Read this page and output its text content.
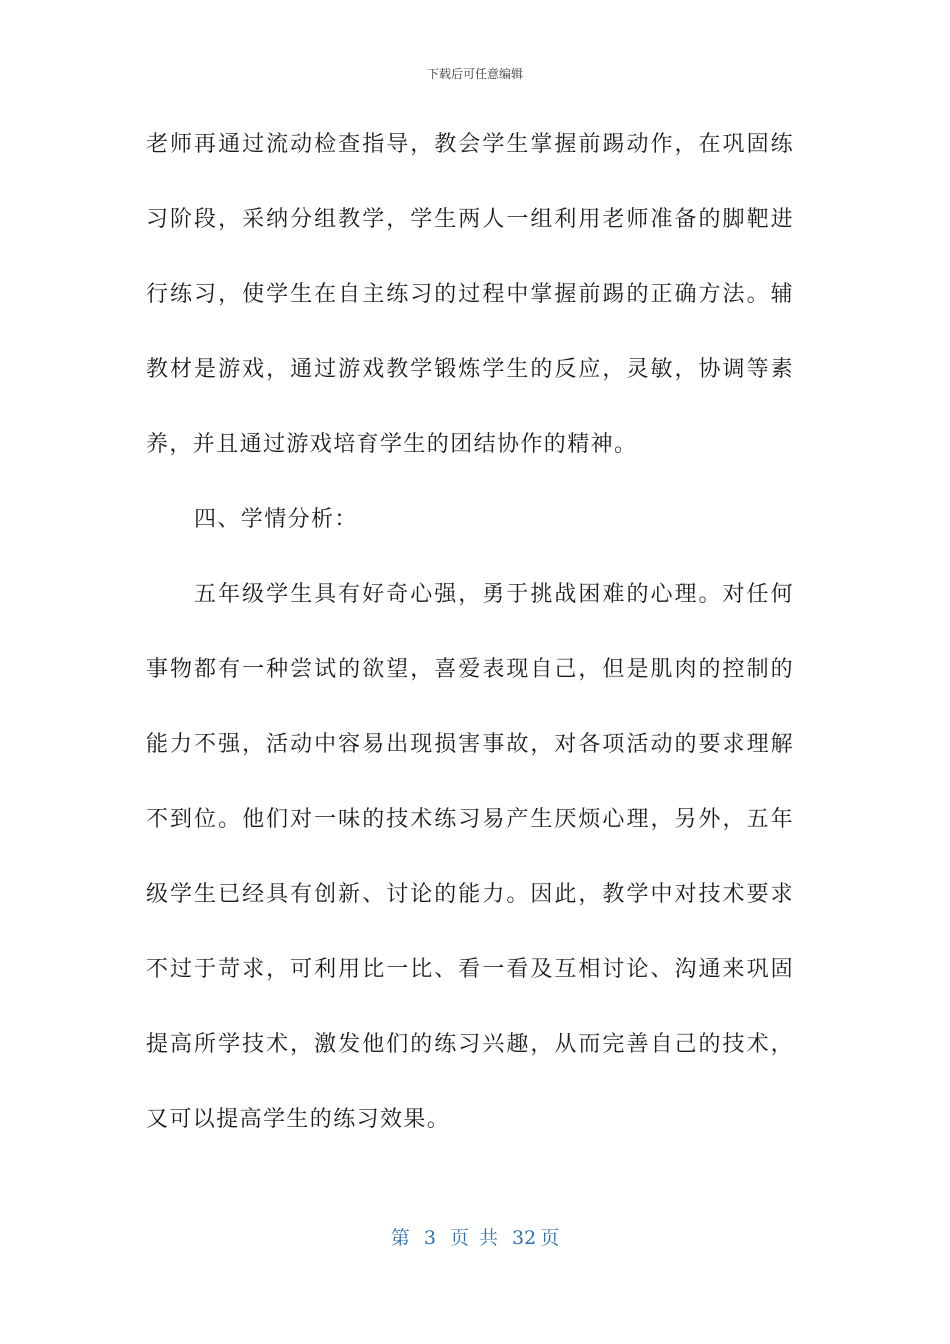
下载后可任意编辑
老师再通过流动检查指导，教会学生掌握前踢动作，在巩固练
习阶段，采纳分组教学，学生两人一组利用老师准备的脚靶进
行练习，使学生在自主练习的过程中掌握前踢的正确方法。辅
教材是游戏，通过游戏教学锻炼学生的反应，灵敏，协调等素
养，并且通过游戏培育学生的团结协作的精神。
四、学情分析：
五年级学生具有好奇心强，勇于挑战困难的心理。对任何
事物都有一种尝试的欲望，喜爱表现自己，但是肌肉的控制的
能力不强，活动中容易出现损害事故，对各项活动的要求理解
不到位。他们对一味的技术练习易产生厌烦心理，另外，五年
级学生已经具有创新、讨论的能力。因此，教学中对技术要求
不过于苛求，可利用比一比、看一看及互相讨论、沟通来巩固
提高所学技术，激发他们的练习兴趣，从而完善自己的技术，
又可以提高学生的练习效果。
第 3 页 共 32 页
